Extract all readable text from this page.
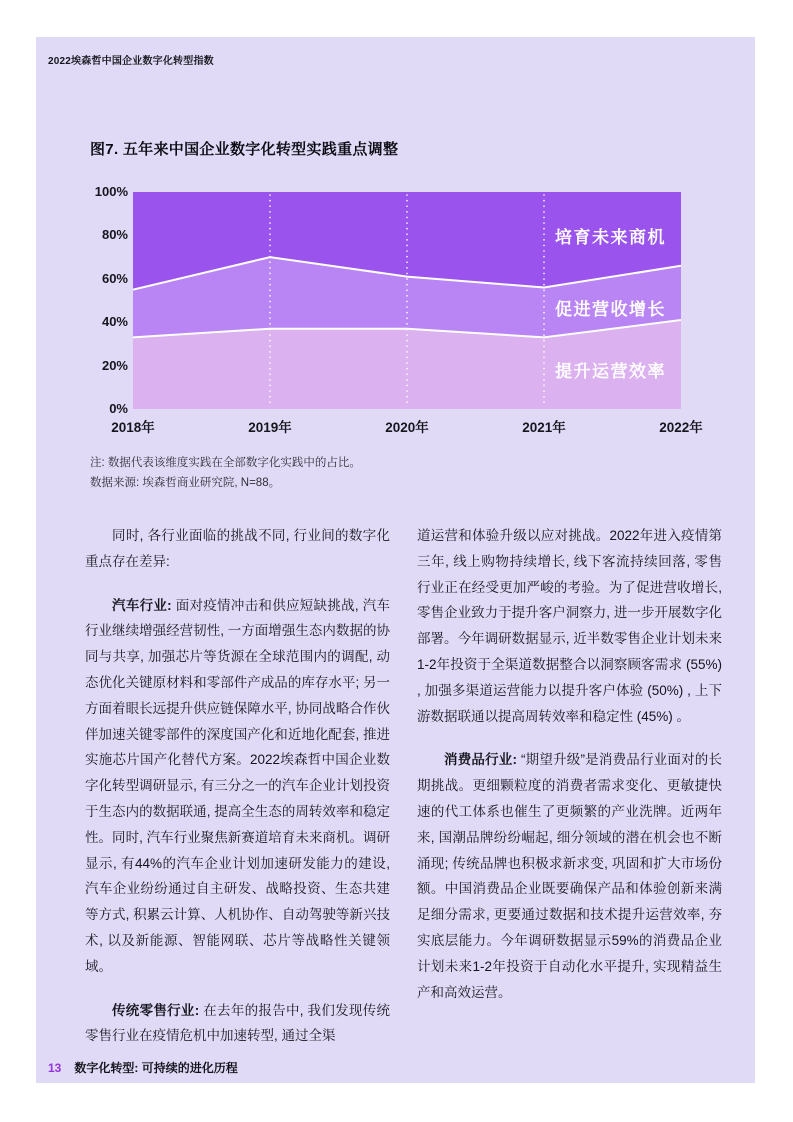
2022埃森哲中国企业数字化转型指数
图7. 五年来中国企业数字化转型实践重点调整
100%
80%
60%
40%
20%
0%
培育未来商机
促进营收增长
提升运营效率
2018年	2019年	2020年	2021年	2022年
注: 数据代表该维度实践在全部数字化实践中的占比。
数据来源: 埃森哲商业研究院, N=88。

同时, 各行业面临的挑战不同, 行业间的数字化重点存在差异:

汽车行业: 面对疫情冲击和供应短缺挑战, 汽车行业继续增强经营韧性, 一方面增强生态内数据的协同与共享, 加强芯片等货源在全球范围内的调配, 动态优化关键原材料和零部件产成品的库存水平; 另一方面着眼长远提升供应链保障水平, 协同战略合作伙伴加速关键零部件的深度国产化和近地化配套, 推进实施芯片国产化替代方案。2022埃森哲中国企业数字化转型调研显示, 有三分之一的汽车企业计划投资于生态内的数据联通, 提高全生态的周转效率和稳定性。同时, 汽车行业聚焦新赛道培育未来商机。调研显示, 有44%的汽车企业计划加速研发能力的建设, 汽车企业纷纷通过自主研发、战略投资、生态共建等方式, 积累云计算、人机协作、自动驾驶等新兴技术, 以及新能源、智能网联、芯片等战略性关键领域。

传统零售行业: 在去年的报告中, 我们发现传统零售行业在疫情危机中加速转型, 通过全渠

道运营和体验升级以应对挑战。2022年进入疫情第三年, 线上购物持续增长, 线下客流持续回落, 零售行业正在经受更加严峻的考验。为了促进营收增长, 零售企业致力于提升客户洞察力, 进一步开展数字化部署。今年调研数据显示, 近半数零售企业计划未来1-2年投资于全渠道数据整合以洞察顾客需求 (55%) , 加强多渠道运营能力以提升客户体验 (50%) , 上下游数据联通以提高周转效率和稳定性 (45%) 。

消费品行业: “期望升级”是消费品行业面对的长期挑战。更细颗粒度的消费者需求变化、更敏捷快速的代工体系也催生了更频繁的产业洗牌。近两年来, 国潮品牌纷纷崛起, 细分领域的潜在机会也不断涌现; 传统品牌也积极求新求变, 巩固和扩大市场份额。中国消费品企业既要确保产品和体验创新来满足细分需求, 更要通过数据和技术提升运营效率, 夯实底层能力。今年调研数据显示59%的消费品企业计划未来1-2年投资于自动化水平提升, 实现精益生产和高效运营。

13 数字化转型: 可持续的进化历程
